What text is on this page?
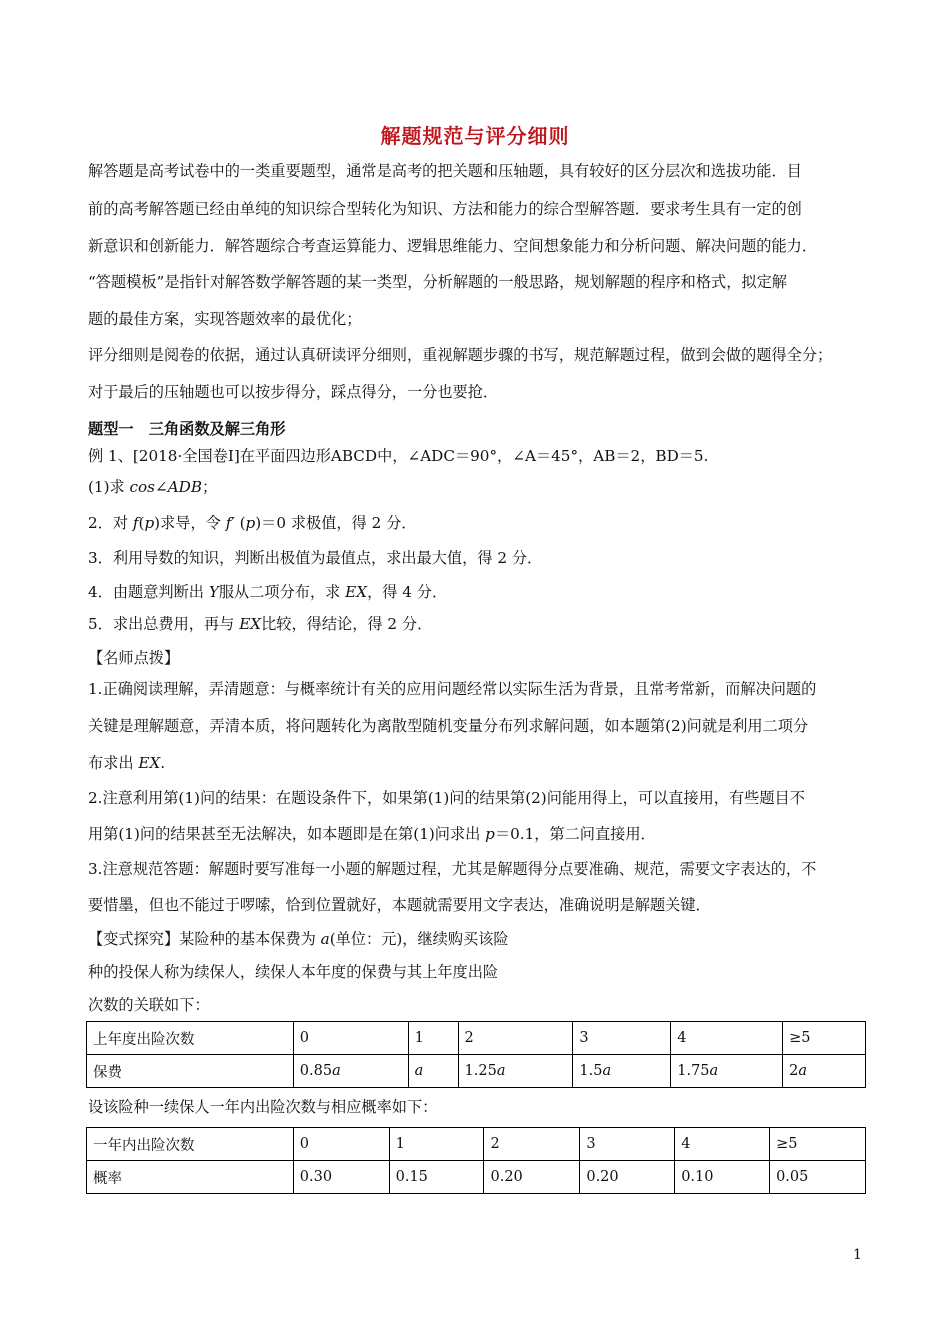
解题规范与评分细则
解答题是高考试卷中的一类重要题型，通常是高考的把关题和压轴题，具有较好的区分层次和选拔功能．目
前的高考解答题已经由单纯的知识综合型转化为知识、方法和能力的综合型解答题．要求考生具有一定的创
新意识和创新能力．解答题综合考查运算能力、逻辑思维能力、空间想象能力和分析问题、解决问题的能力．
“答题模板”是指针对解答数学解答题的某一类型，分析解题的一般思路，规划解题的程序和格式，拟定解
题的最佳方案，实现答题效率的最优化；
评分细则是阅卷的依据，通过认真研读评分细则，重视解题步骤的书写，规范解题过程，做到会做的题得全分；
对于最后的压轴题也可以按步得分，踩点得分，一分也要抢．
题型一　三角函数及解三角形
例 1、[2018·全国卷Ⅰ]在平面四边形ABCD中，∠ADC＝90°，∠A＝45°，AB＝2，BD＝5.
(1)求 cos∠ADB；
2．对 f(p)求导，令 f′ (p)＝0 求极值，得 2 分．
3．利用导数的知识，判断出极值为最值点，求出最大值，得 2 分．
4．由题意判断出 Y服从二项分布，求 EX，得 4 分．
5．求出总费用，再与 EX比较，得结论，得 2 分．
【名师点拨】
1.正确阅读理解，弄清题意：与概率统计有关的应用问题经常以实际生活为背景，且常考常新，而解决问题的
关键是理解题意，弄清本质，将问题转化为离散型随机变量分布列求解问题，如本题第(2)问就是利用二项分
布求出 EX.
2.注意利用第(1)问的结果：在题设条件下，如果第(1)问的结果第(2)问能用得上，可以直接用，有些题目不
用第(1)问的结果甚至无法解决，如本题即是在第(1)问求出 p＝0.1，第二问直接用．
3.注意规范答题：解题时要写准每一小题的解题过程，尤其是解题得分点要准确、规范，需要文字表达的，不
要惜墨，但也不能过于啰嗦，恰到位置就好，本题就需要用文字表达，准确说明是解题关键．
【变式探究】某险种的基本保费为 a(单位：元)，继续购买该险
种的投保人称为续保人，续保人本年度的保费与其上年度出险
次数的关联如下：
上年度出险次数	0	1	2	3	4	≥5
保费	0.85a	a	1.25a	1.5a	1.75a	2a
设该险种一续保人一年内出险次数与相应概率如下：
一年内出险次数	0	1	2	3	4	≥5
概率	0.30	0.15	0.20	0.20	0.10	0.05
1
